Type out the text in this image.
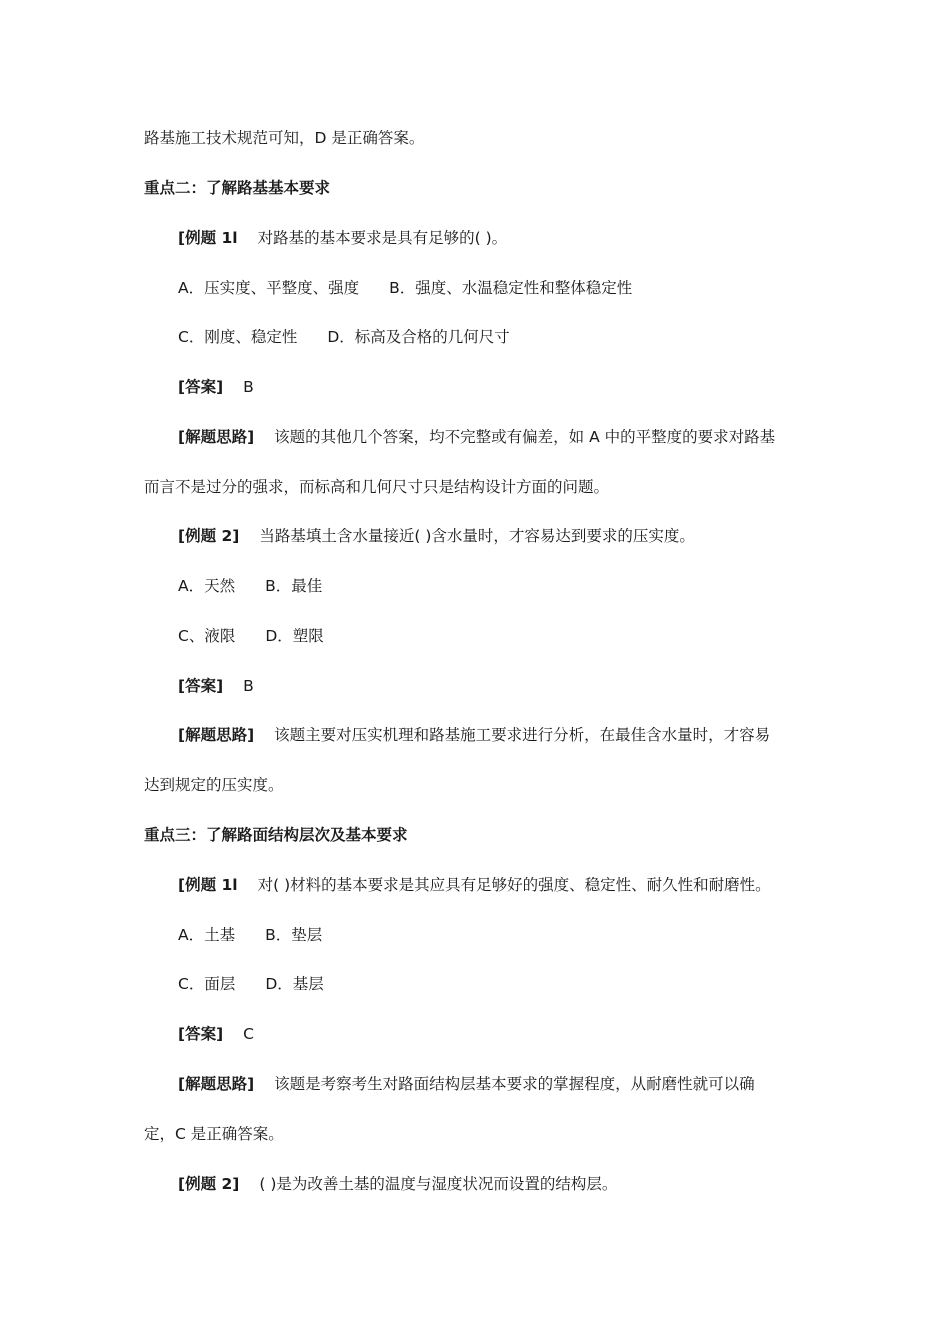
路基施工技术规范可知，D 是正确答案。
重点二：了解路基基本要求
[例题 1l 对路基的基本要求是具有足够的( )。
A．压实度、平整度、强度 B．强度、水温稳定性和整体稳定性
C．刚度、稳定性 D．标高及合格的几何尺寸
[答案] B
[解题思路] 该题的其他几个答案，均不完整或有偏差，如 A 中的平整度的要求对路基
而言不是过分的强求，而标高和几何尺寸只是结构设计方面的问题。
[例题 2] 当路基填土含水量接近( )含水量时，才容易达到要求的压实度。
A．天然 B．最佳
C、液限 D．塑限
[答案] B
[解题思路] 该题主要对压实机理和路基施工要求进行分析，在最佳含水量时，才容易
达到规定的压实度。
重点三：了解路面结构层次及基本要求
[例题 1l 对( )材料的基本要求是其应具有足够好的强度、稳定性、耐久性和耐磨性。
A．土基 B．垫层
C．面层 D．基层
[答案] C
[解题思路] 该题是考察考生对路面结构层基本要求的掌握程度，从耐磨性就可以确
定，C 是正确答案。
[例题 2] ( )是为改善土基的温度与湿度状况而设置的结构层。
